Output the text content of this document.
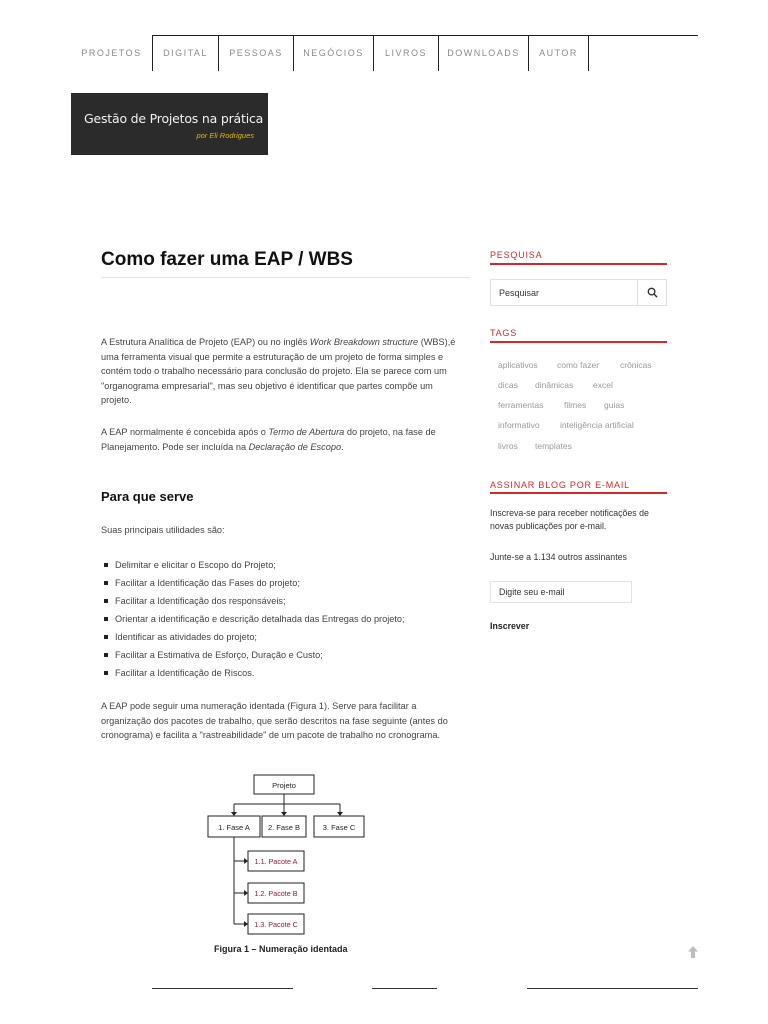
PROJETOS	DIGITAL	PESSOAS	NEGÓCIOS	LIVROS	DOWNLOADS	AUTOR
Gestão de Projetos na prática
por Eli Rodrigues
Como fazer uma EAP / WBS

A Estrutura Analítica de Projeto (EAP) ou no inglês Work Breakdown structure (WBS),é uma ferramenta visual que permite a estruturação de um projeto de forma simples e contém todo o trabalho necessário para conclusão do projeto. Ela se parece com um "organograma empresarial", mas seu objetivo é identificar que partes compõe um projeto.

A EAP normalmente é concebida após o Termo de Abertura do projeto, na fase de Planejamento. Pode ser incluída na Declaração de Escopo.

Para que serve

Suas principais utilidades são:

Delimitar e elicitar o Escopo do Projeto;
Facilitar a Identificação das Fases do projeto;
Facilitar a Identificação dos responsáveis;
Orientar a identificação e descrição detalhada das Entregas do projeto;
Identificar as atividades do projeto;
Facilitar a Estimativa de Esforço, Duração e Custo;
Facilitar a Identificação de Riscos.

A EAP pode seguir uma numeração identada (Figura 1). Serve para facilitar a organização dos pacotes de trabalho, que serão descritos na fase seguinte (antes do cronograma) e facilita a "rastreabilidade" de um pacote de trabalho no cronograma.

Projeto
1. Fase A 2. Fase B	3. Fase C
1.1. Pacote A
1.2. Pacote B
1.3. Pacote C
Figura 1 – Numeração identada
PESQUISA
Pesquisar
TAGS
aplicativos como fazer crônicas
dicas dinâmicas excel
ferramentas filmes guias
informativo inteligência artificial
livros templates
ASSINAR BLOG POR E-MAIL

Inscreva-se para receber notificações de novas publicações por e-mail.

Junte-se a 1.134 outros assinantes

Digite seu e-mail
Inscrever
